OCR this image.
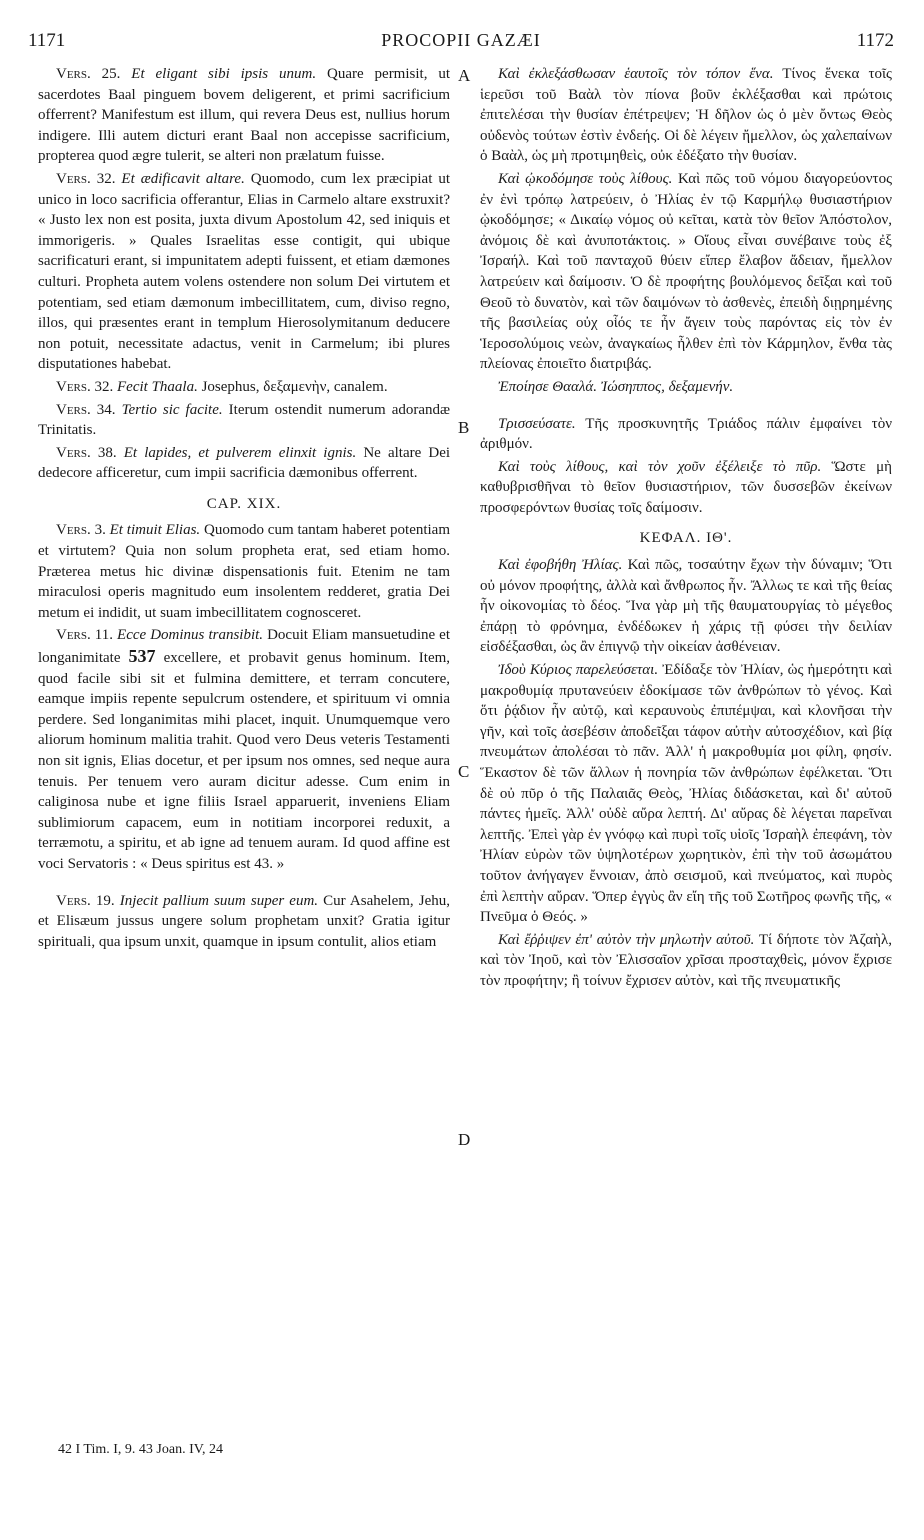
1171	PROCOPII GAZÆI	1172
A
B
C
D

Vers. 25. Et eligant sibi ipsis unum. Quare permisit, ut sacerdotes Baal pinguem bovem deligerent, et primi sacrificium offerrent? Manifestum est illum, qui revera Deus est, nullius horum indigere. Illi autem dicturi erant Baal non accepisse sacrificium, propterea quod ægre tulerit, se alteri non prælatum fuisse.

Vers. 32. Et ædificavit altare. Quomodo, cum lex præcipiat ut unico in loco sacrificia offerantur, Elias in Carmelo altare exstruxit? « Justo lex non est posita, juxta divum Apostolum 42, sed iniquis et immorigeris. » Quales Israelitas esse contigit, qui ubique sacrificaturi erant, si impunitatem adepti fuissent, et etiam dæmones culturi. Propheta autem volens ostendere non solum Dei virtutem et potentiam, sed etiam dæmonum imbecillitatem, cum, diviso regno, illos, qui præsentes erant in templum Hierosolymitanum deducere non potuit, necessitate adactus, venit in Carmelum; ibi plures disputationes habebat.

Vers. 32. Fecit Thaala. Josephus, δεξαμενὴν, canalem.

Vers. 34. Tertio sic facite. Iterum ostendit numerum adorandæ Trinitatis.

Vers. 38. Et lapides, et pulverem elinxit ignis. Ne altare Dei dedecore afficeretur, cum impii sacrificia dæmonibus offerrent.

CAP. XIX.

Vers. 3. Et timuit Elias. Quomodo cum tantam haberet potentiam et virtutem? Quia non solum propheta erat, sed etiam homo. Præterea metus hic divinæ dispensationis fuit. Etenim ne tam miraculosi operis magnitudo eum insolentem redderet, gratia Dei metum ei indidit, ut suam imbecillitatem cognosceret.

Vers. 11. Ecce Dominus transibit. Docuit Eliam mansuetudine et longanimitate 537 excellere, et probavit genus hominum. Item, quod facile sibi sit et fulmina demittere, et terram concutere, eamque impiis repente sepulcrum ostendere, et spirituum vi omnia perdere. Sed longanimitas mihi placet, inquit. Unumquemque vero aliorum hominum malitia trahit. Quod vero Deus veteris Testamenti non sit ignis, Elias docetur, et per ipsum nos omnes, sed neque aura tenuis. Per tenuem vero auram dicitur adesse. Cum enim in caliginosa nube et igne filiis Israel apparuerit, inveniens Eliam sublimiorum capacem, eum in notitiam incorporei reduxit, a terræmotu, a spiritu, et ab igne ad tenuem auram. Id quod affine est voci Servatoris : « Deus spiritus est 43. »

Vers. 19. Injecit pallium suum super eum. Cur Asahelem, Jehu, et Elisæum jussus ungere solum prophetam unxit? Gratia igitur spirituali, qua ipsum unxit, quamque in ipsum contulit, alios etiam

Καὶ ἐκλεξάσθωσαν ἑαυτοῖς τὸν τόπον ἕνα. Τίνος ἕνεκα τοῖς ἱερεῦσι τοῦ Βαὰλ τὸν πίονα βοῦν ἐκλέξασθαι καὶ πρώτοις ἐπιτελέσαι τὴν θυσίαν ἐπέτρεψεν; Ἡ δῆλον ὡς ὁ μὲν ὄντως Θεὸς οὐδενὸς τούτων ἐστὶν ἐνδεής. Οἱ δὲ λέγειν ἤμελλον, ὡς χαλεπαίνων ὁ Βαὰλ, ὡς μὴ προτιμηθεὶς, οὐκ ἐδέξατο τὴν θυσίαν.

Καὶ ᾠκοδόμησε τοὺς λίθους. Καὶ πῶς τοῦ νόμου διαγορεύοντος ἐν ἑνὶ τρόπῳ λατρεύειν, ὁ Ἠλίας ἐν τῷ Καρμήλῳ θυσιαστήριον ᾠκοδόμησε; « Δικαίῳ νόμος οὐ κεῖται, κατὰ τὸν θεῖον Ἀπόστολον, ἀνόμοις δὲ καὶ ἀνυποτάκτοις. » Οἵους εἶναι συνέβαινε τοὺς ἐξ Ἰσραήλ. Καὶ τοῦ πανταχοῦ θύειν εἴπερ ἔλαβον ἄδειαν, ἤμελλον λατρεύειν καὶ δαίμοσιν. Ὁ δὲ προφήτης βουλόμενος δεῖξαι καὶ τοῦ Θεοῦ τὸ δυνατὸν, καὶ τῶν δαιμόνων τὸ ἀσθενὲς, ἐπειδὴ διῃρημένης τῆς βασιλείας οὐχ οἷός τε ἦν ἄγειν τοὺς παρόντας εἰς τὸν ἐν Ἱεροσολύμοις νεὼν, ἀναγκαίως ἦλθεν ἐπὶ τὸν Κάρμηλον, ἔνθα τὰς πλείονας ἐποιεῖτο διατριβάς.

Ἐποίησε Θααλά. Ἰώσηππος, δεξαμενήν.

Τρισσεύσατε. Τῆς προσκυνητῆς Τριάδος πάλιν ἐμφαίνει τὸν ἀριθμόν.

Καὶ τοὺς λίθους, καὶ τὸν χοῦν ἐξέλειξε τὸ πῦρ. Ὥστε μὴ καθυβρισθῆναι τὸ θεῖον θυσιαστήριον, τῶν δυσσεβῶν ἐκείνων προσφερόντων θυσίας τοῖς δαίμοσιν.

ΚΕΦΑΛ. ΙΘ'.

Καὶ ἐφοβήθη Ἠλίας. Καὶ πῶς, τοσαύτην ἔχων τὴν δύναμιν; Ὅτι οὐ μόνον προφήτης, ἀλλὰ καὶ ἄνθρωπος ἦν. Ἄλλως τε καὶ τῆς θείας ἦν οἰκονομίας τὸ δέος. Ἵνα γὰρ μὴ τῆς θαυματουργίας τὸ μέγεθος ἐπάρῃ τὸ φρόνημα, ἐνδέδωκεν ἡ χάρις τῇ φύσει τὴν δειλίαν εἰσδέξασθαι, ὡς ἂν ἐπιγνῷ τὴν οἰκείαν ἀσθένειαν.

Ἰδοὺ Κύριος παρελεύσεται. Ἐδίδαξε τὸν Ἠλίαν, ὡς ἡμερότητι καὶ μακροθυμίᾳ πρυτανεύειν ἐδοκίμασε τῶν ἀνθρώπων τὸ γένος. Καὶ ὅτι ῥᾴδιον ἦν αὐτῷ, καὶ κεραυνοὺς ἐπιπέμψαι, καὶ κλονῆσαι τὴν γῆν, καὶ τοῖς ἀσεβέσιν ἀποδεῖξαι τάφον αὐτὴν αὐτοσχέδιον, καὶ βίᾳ πνευμάτων ἀπολέσαι τὸ πᾶν. Ἀλλ' ἡ μακροθυμία μοι φίλη, φησίν. Ἕκαστον δὲ τῶν ἄλλων ἡ πονηρία τῶν ἀνθρώπων ἐφέλκεται. Ὅτι δὲ οὐ πῦρ ὁ τῆς Παλαιᾶς Θεὸς, Ἠλίας διδάσκεται, καὶ δι' αὐτοῦ πάντες ἡμεῖς. Ἀλλ' οὐδὲ αὔρα λεπτή. Δι' αὔρας δὲ λέγεται παρεῖναι λεπτῆς. Ἐπεὶ γὰρ ἐν γνόφῳ καὶ πυρὶ τοῖς υἱοῖς Ἰσραὴλ ἐπεφάνη, τὸν Ἠλίαν εὑρὼν τῶν ὑψηλοτέρων χωρητικὸν, ἐπὶ τὴν τοῦ ἀσωμάτου τοῦτον ἀνήγαγεν ἔννοιαν, ἀπὸ σεισμοῦ, καὶ πνεύματος, καὶ πυρὸς ἐπὶ λεπτὴν αὔραν. Ὅπερ ἐγγὺς ἂν εἴη τῆς τοῦ Σωτῆρος φωνῆς τῆς, « Πνεῦμα ὁ Θεός. »

Καὶ ἔῤῥιψεν ἐπ' αὐτὸν τὴν μηλωτὴν αὐτοῦ. Τί δήποτε τὸν Ἀζαὴλ, καὶ τὸν Ἰηοῦ, καὶ τὸν Ἐλισσαῖον χρῖσαι προσταχθεὶς, μόνον ἔχρισε τὸν προφήτην; ἢ τοίνυν ἔχρισεν αὐτὸν, καὶ τῆς πνευματικῆς

42 I Tim. I, 9. 43 Joan. IV, 24
